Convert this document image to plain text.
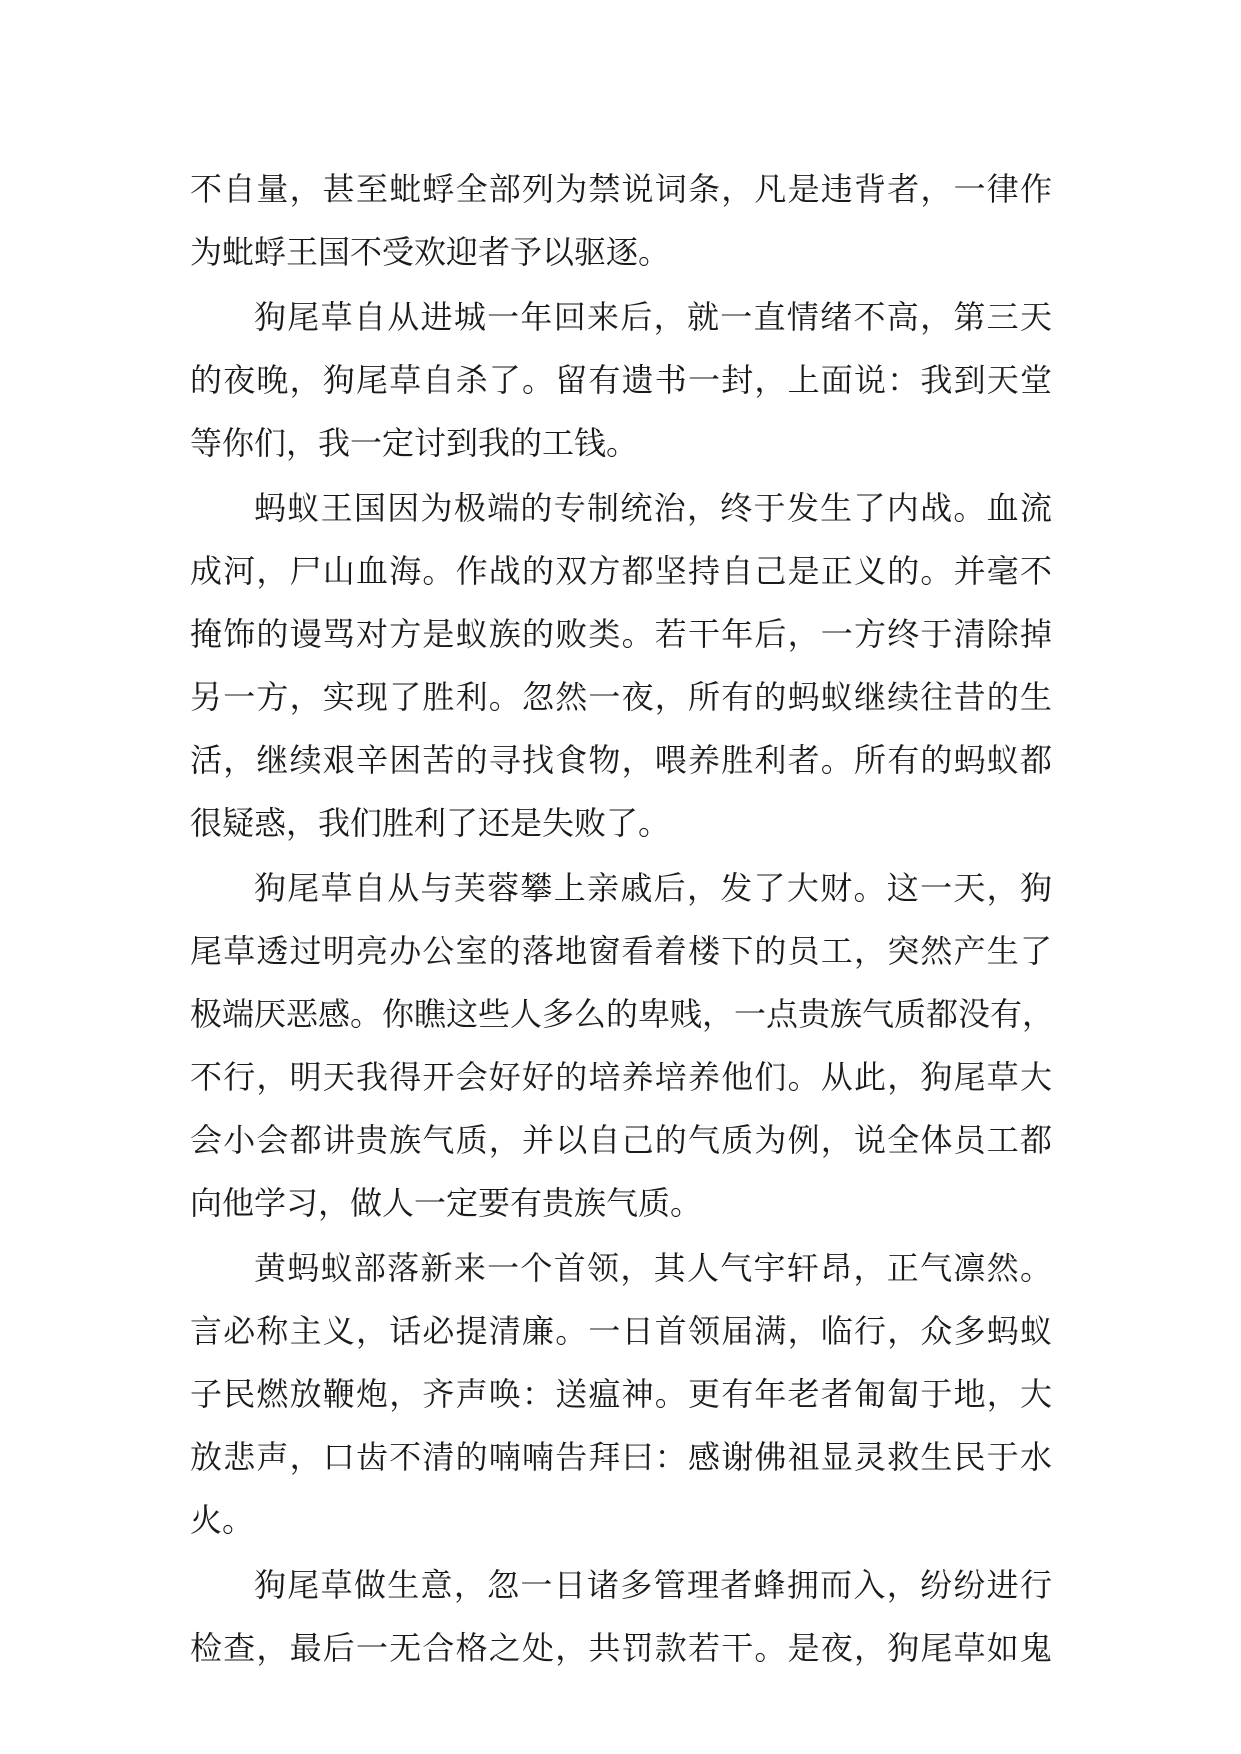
不自量，甚至蚍蜉全部列为禁说词条，凡是违背者，一律作
为蚍蜉王国不受欢迎者予以驱逐。
狗尾草自从进城一年回来后，就一直情绪不高，第三天
的夜晚，狗尾草自杀了。留有遗书一封，上面说：我到天堂
等你们，我一定讨到我的工钱。
蚂蚁王国因为极端的专制统治，终于发生了内战。血流
成河，尸山血海。作战的双方都坚持自己是正义的。并毫不
掩饰的谩骂对方是蚁族的败类。若干年后，一方终于清除掉
另一方，实现了胜利。忽然一夜，所有的蚂蚁继续往昔的生
活，继续艰辛困苦的寻找食物，喂养胜利者。所有的蚂蚁都
很疑惑，我们胜利了还是失败了。
狗尾草自从与芙蓉攀上亲戚后，发了大财。这一天，狗
尾草透过明亮办公室的落地窗看着楼下的员工，突然产生了
极端厌恶感。你瞧这些人多么的卑贱，一点贵族气质都没有，
不行，明天我得开会好好的培养培养他们。从此，狗尾草大
会小会都讲贵族气质，并以自己的气质为例，说全体员工都
向他学习，做人一定要有贵族气质。
黄蚂蚁部落新来一个首领，其人气宇轩昂，正气凛然。
言必称主义，话必提清廉。一日首领届满，临行，众多蚂蚁
子民燃放鞭炮，齐声唤：送瘟神。更有年老者匍匐于地，大
放悲声，口齿不清的喃喃告拜曰：感谢佛祖显灵救生民于水
火。
狗尾草做生意，忽一日诸多管理者蜂拥而入，纷纷进行
检查，最后一无合格之处，共罚款若干。是夜，狗尾草如鬼
